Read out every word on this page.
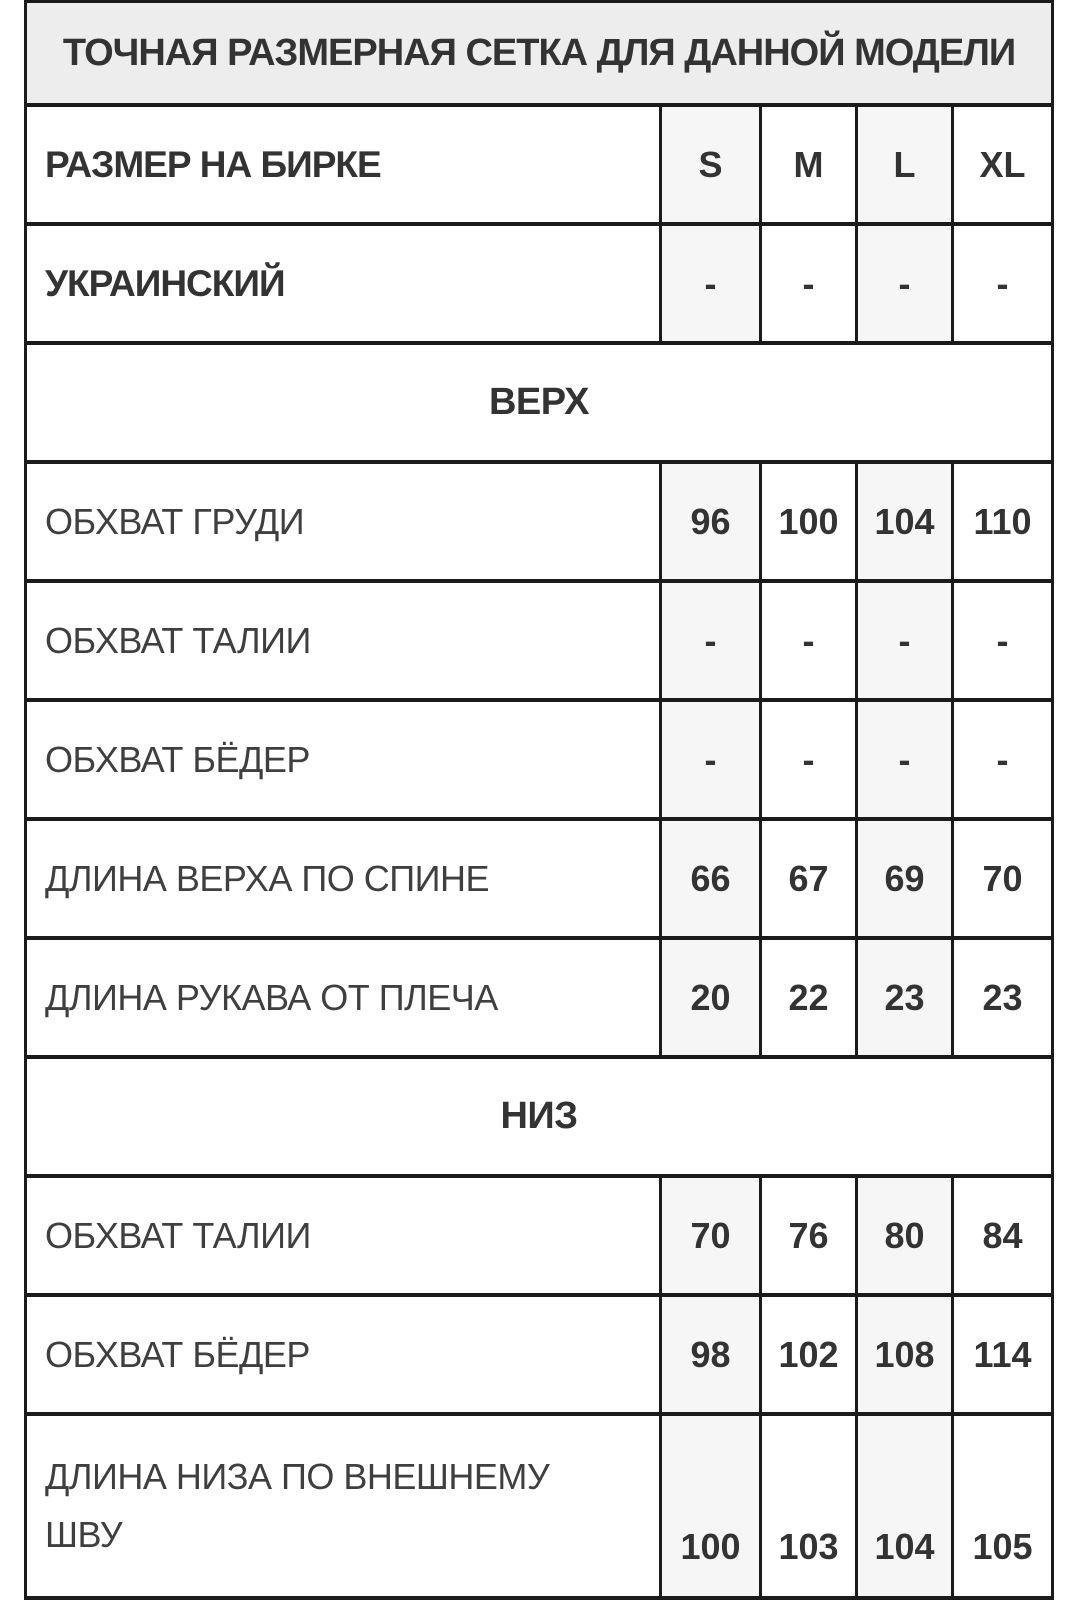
ТОЧНАЯ РАЗМЕРНАЯ СЕТКА ДЛЯ ДАННОЙ МОДЕЛИ				
РАЗМЕР НА БИРКЕ	S	M	L	XL
УКРАИНСКИЙ	-	-	-	-
ВЕРХ				
ОБХВАТ ГРУДИ	96	100	104	110
ОБХВАТ ТАЛИИ	-	-	-	-
ОБХВАТ БЁДЕР	-	-	-	-
ДЛИНА ВЕРХА ПО СПИНЕ	66	67	69	70
ДЛИНА РУКАВА ОТ ПЛЕЧА	20	22	23	23
НИЗ				
ОБХВАТ ТАЛИИ	70	76	80	84
ОБХВАТ БЁДЕР	98	102	108	114
ДЛИНА НИЗА ПО ВНЕШНЕМУ ШВУ	100	103	104	105
